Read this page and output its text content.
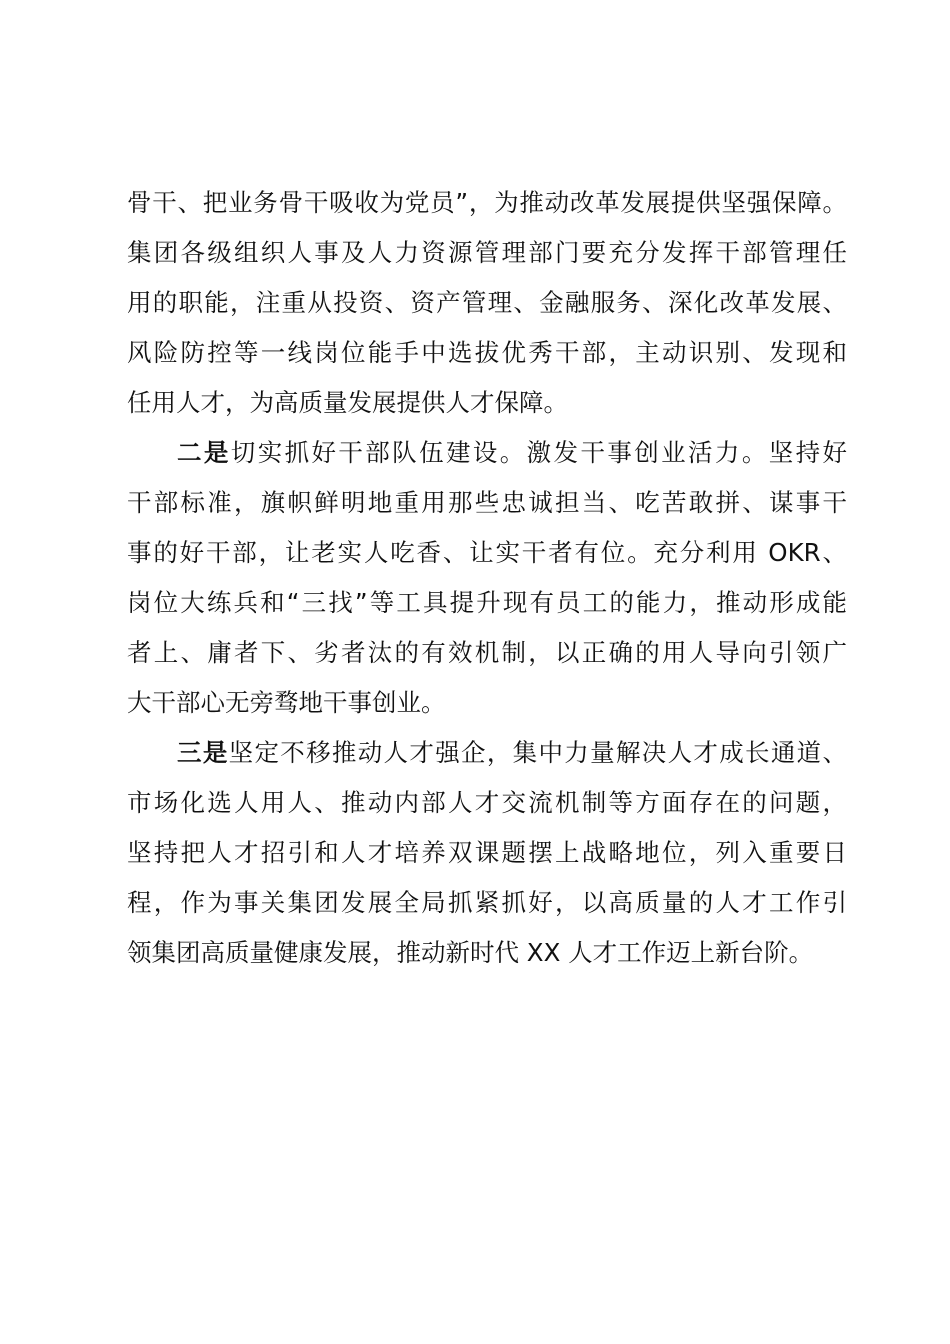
骨干、把业务骨干吸收为党员”，为推动改革发展提供坚强保障。
集团各级组织人事及人力资源管理部门要充分发挥干部管理任
用的职能，注重从投资、资产管理、金融服务、深化改革发展、
风险防控等一线岗位能手中选拔优秀干部，主动识别、发现和
任用人才，为高质量发展提供人才保障。
二是切实抓好干部队伍建设。激发干事创业活力。坚持好
干部标准，旗帜鲜明地重用那些忠诚担当、吃苦敢拼、谋事干
事的好干部，让老实人吃香、让实干者有位。充分利用 OKR、
岗位大练兵和“三找”等工具提升现有员工的能力，推动形成能
者上、庸者下、劣者汰的有效机制，以正确的用人导向引领广
大干部心无旁骛地干事创业。
三是坚定不移推动人才强企，集中力量解决人才成长通道、
市场化选人用人、推动内部人才交流机制等方面存在的问题，
坚持把人才招引和人才培养双课题摆上战略地位，列入重要日
程，作为事关集团发展全局抓紧抓好，以高质量的人才工作引
领集团高质量健康发展，推动新时代 XX 人才工作迈上新台阶。
